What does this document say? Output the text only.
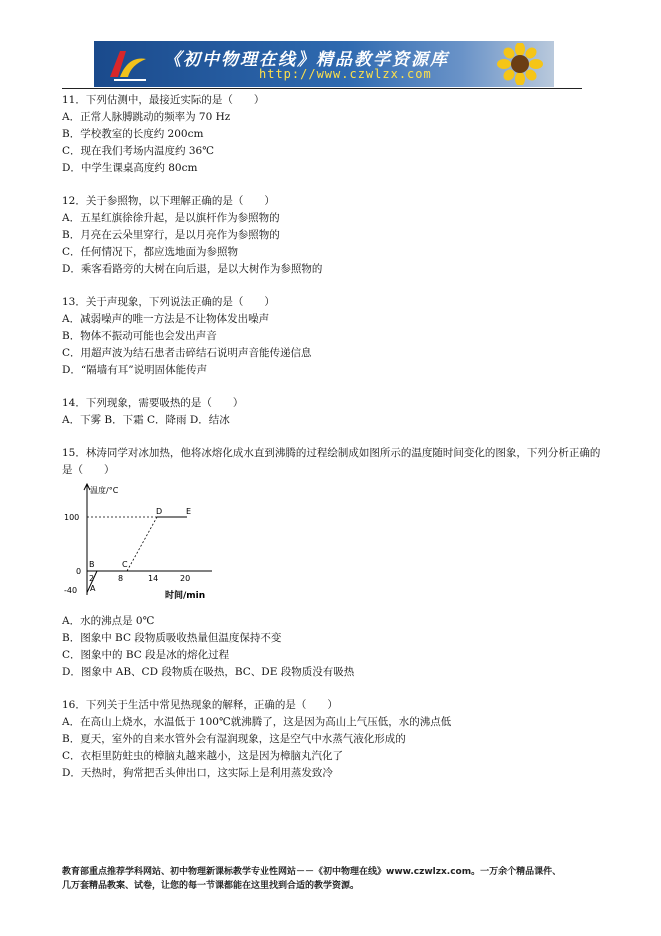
《初中物理在线》精品教学资源库
http://www.czwlzx.com
11．下列估测中，最接近实际的是（　　）
A．正常人脉膊跳动的频率为 70 Hz
B．学校教室的长度约 200cm
C．现在我们考场内温度约 36℃
D．中学生课桌高度约 80cm
12．关于参照物，以下理解正确的是（　　）
A．五星红旗徐徐升起，是以旗杆作为参照物的
B．月亮在云朵里穿行，是以月亮作为参照物的
C．任何情况下，都应选地面为参照物
D．乘客看路旁的大树在向后退，是以大树作为参照物的
13．关于声现象，下列说法正确的是（　　）
A．减弱噪声的唯一方法是不让物体发出噪声
B．物体不振动可能也会发出声音
C．用超声波为结石患者击碎结石说明声音能传递信息
D．“隔墙有耳”说明固体能传声
14．下列现象，需要吸热的是（　　）
A．下雾 B．下霜 C．降雨 D．结冰
15．林涛同学对冰加热，他将冰熔化成水直到沸腾的过程绘制成如图所示的温度随时间变化的图象，下列分析正确的是（　　）
温度/°C
100
0
-40
2	8	14	20
时间/min
A
B	C
D	E
A．水的沸点是 0℃
B．图象中 BC 段物质吸收热量但温度保持不变
C．图象中的 BC 段是冰的熔化过程
D．图象中 AB、CD 段物质在吸热，BC、DE 段物质没有吸热
16．下列关于生活中常见热现象的解释，正确的是（　　）
A．在高山上烧水，水温低于 100℃就沸腾了，这是因为高山上气压低，水的沸点低
B．夏天，室外的自来水管外会有湿润现象，这是空气中水蒸气液化形成的
C．衣柜里防蛀虫的樟脑丸越来越小，这是因为樟脑丸汽化了
D．天热时，狗常把舌头伸出口，这实际上是利用蒸发致冷
教育部重点推荐学科网站、初中物理新课标教学专业性网站－－《初中物理在线》www.czwlzx.com。一万余个精品课件、
几万套精品教案、试卷，让您的每一节课都能在这里找到合适的教学资源。
